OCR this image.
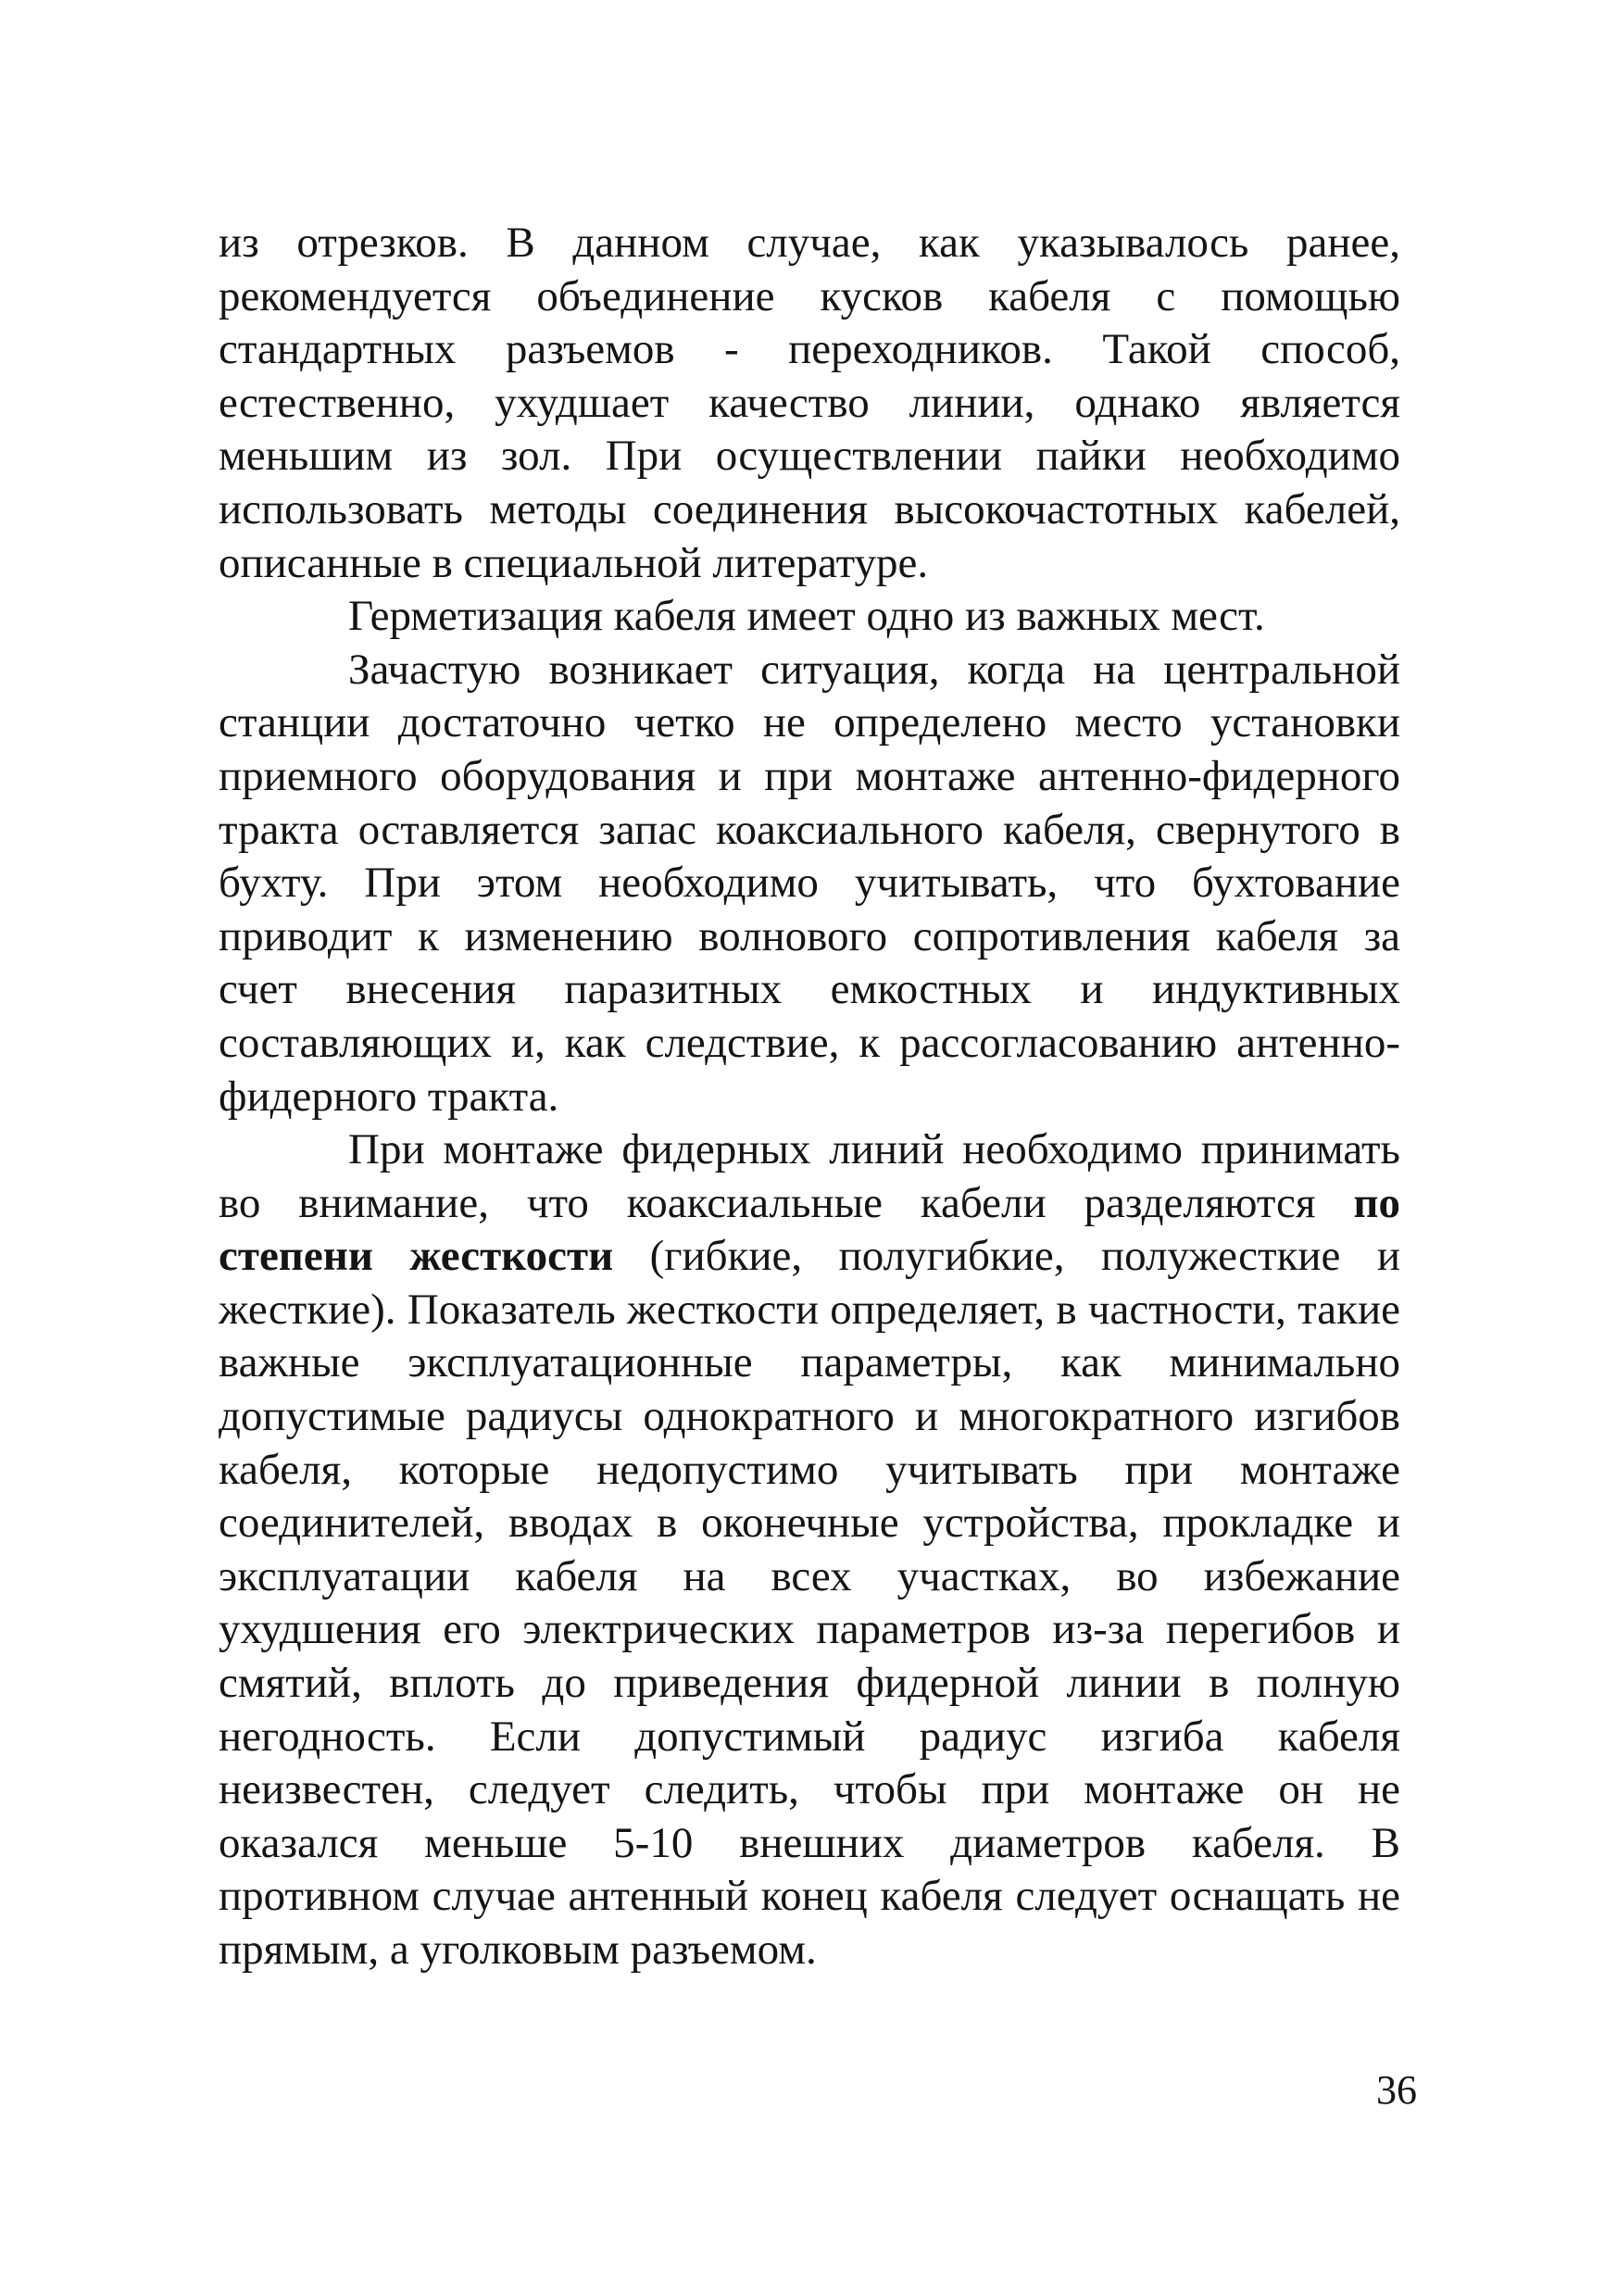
из отрезков. В данном случае, как указывалось ранее, рекомендуется объединение кусков кабеля с помощью стандартных разъемов - переходников. Такой способ, естественно, ухудшает качество линии, однако является меньшим из зол. При осуществлении пайки необходимо использовать методы соединения высокочастотных кабелей, описанные в специальной литературе.

Герметизация кабеля имеет одно из важных мест.

Зачастую возникает ситуация, когда на центральной станции достаточно четко не определено место установки приемного оборудования и при монтаже антенно-фидерного тракта оставляется запас коаксиального кабеля, свернутого в бухту. При этом необходимо учитывать, что бухтование приводит к изменению волнового сопротивления кабеля за счет внесения паразитных емкостных и индуктивных составляющих и, как следствие, к рассогласованию антенно-фидерного тракта.

При монтаже фидерных линий необходимо принимать во внимание, что коаксиальные кабели разделяются по степени жесткости (гибкие, полугибкие, полужесткие и жесткие). Показатель жесткости определяет, в частности, такие важные эксплуатационные параметры, как минимально допустимые радиусы однократного и многократного изгибов кабеля, которые недопустимо учитывать при монтаже соединителей, вводах в оконечные устройства, прокладке и эксплуатации кабеля на всех участках, во избежание ухудшения его электрических параметров из-за перегибов и смятий, вплоть до приведения фидерной линии в полную негодность. Если допустимый радиус изгиба кабеля неизвестен, следует следить, чтобы при монтаже он не оказался меньше 5-10 внешних диаметров кабеля. В противном случае антенный конец кабеля следует оснащать не прямым, а уголковым разъемом.

36
